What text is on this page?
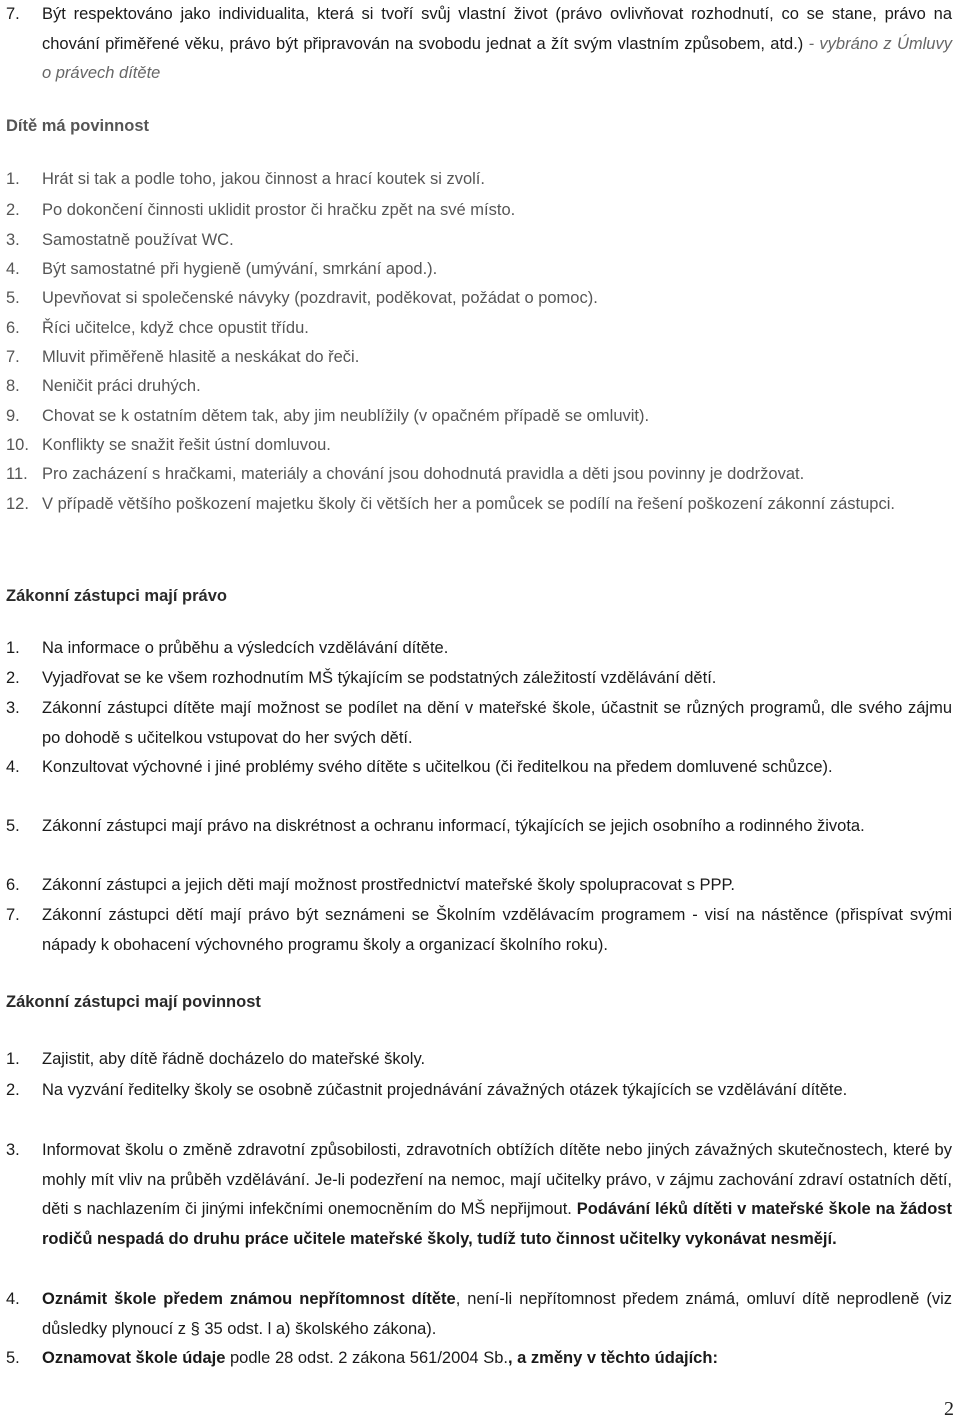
7. Být respektováno jako individualita, která si tvoří svůj vlastní život (právo ovlivňovat rozhodnutí, co se stane, právo na chování přiměřené věku, právo být připravován na svobodu jednat a žít svým vlastním způsobem, atd.) - vybráno z Úmluvy o právech dítěte
Dítě má povinnost
1. Hrát si tak a podle toho, jakou činnost a hrací koutek si zvolí.
2. Po dokončení činnosti uklidit prostor či hračku zpět na své místo.
3. Samostatně používat WC.
4. Být samostatné při hygieně (umývání, smrkání apod.).
5. Upevňovat si společenské návyky (pozdravit, poděkovat, požádat o pomoc).
6. Říci učitelce, když chce opustit třídu.
7. Mluvit přiměřeně hlasitě a neskákat do řeči.
8. Neničit práci druhých.
9. Chovat se k ostatním dětem tak, aby jim neublížily (v opačném případě se omluvit).
10. Konflikty se snažit řešit ústní domluvou.
11. Pro zacházení s hračkami, materiály a chování jsou dohodnutá pravidla a děti jsou povinny je dodržovat.
12. V případě většího poškození majetku školy či větších her a pomůcek se podílí na řešení poškození zákonní zástupci.
Zákonní zástupci mají právo
1. Na informace o průběhu a výsledcích vzdělávání dítěte.
2. Vyjadřovat se ke všem rozhodnutím MŠ týkajícím se podstatných záležitostí vzdělávání dětí.
3. Zákonní zástupci dítěte mají možnost se podílet na dění v mateřské škole, účastnit se různých programů, dle svého zájmu po dohodě s učitelkou vstupovat do her svých dětí.
4. Konzultovat výchovné i jiné problémy svého dítěte s učitelkou (či ředitelkou na předem domluvené schůzce).
5. Zákonní zástupci mají právo na diskrétnost a ochranu informací, týkajících se jejich osobního a rodinného života.
6. Zákonní zástupci a jejich děti mají možnost prostřednictví mateřské školy spolupracovat s PPP.
7. Zákonní zástupci dětí mají právo být seznámeni se Školním vzdělávacím programem - visí na nástěnce (přispívat svými nápady k obohacení výchovného programu školy a organizací školního roku).
Zákonní zástupci mají povinnost
1. Zajistit, aby dítě řádně docházelo do mateřské školy.
2. Na vyzvání ředitelky školy se osobně zúčastnit projednávání závažných otázek týkajících se vzdělávání dítěte.
3. Informovat školu o změně zdravotní způsobilosti, zdravotních obtížích dítěte nebo jiných závažných skutečnostech, které by mohly mít vliv na průběh vzdělávání. Je-li podezření na nemoc, mají učitelky právo, v zájmu zachování zdraví ostatních dětí, děti s nachlazením či jinými infekčními onemocněním do MŠ nepřijmout. Podávání léků dítěti v mateřské škole na žádost rodičů nespadá do druhu práce učitele mateřské školy, tudíž tuto činnost učitelky vykonávat nesmějí.
4. Oznámit škole předem známou nepřítomnost dítěte, není-li nepřítomnost předem známá, omluví dítě neprodleně (viz důsledky plynoucí z § 35 odst. l a) školského zákona).
5. Oznamovat škole údaje podle 28 odst. 2 zákona 561/2004 Sb., a změny v těchto údajích:
2
